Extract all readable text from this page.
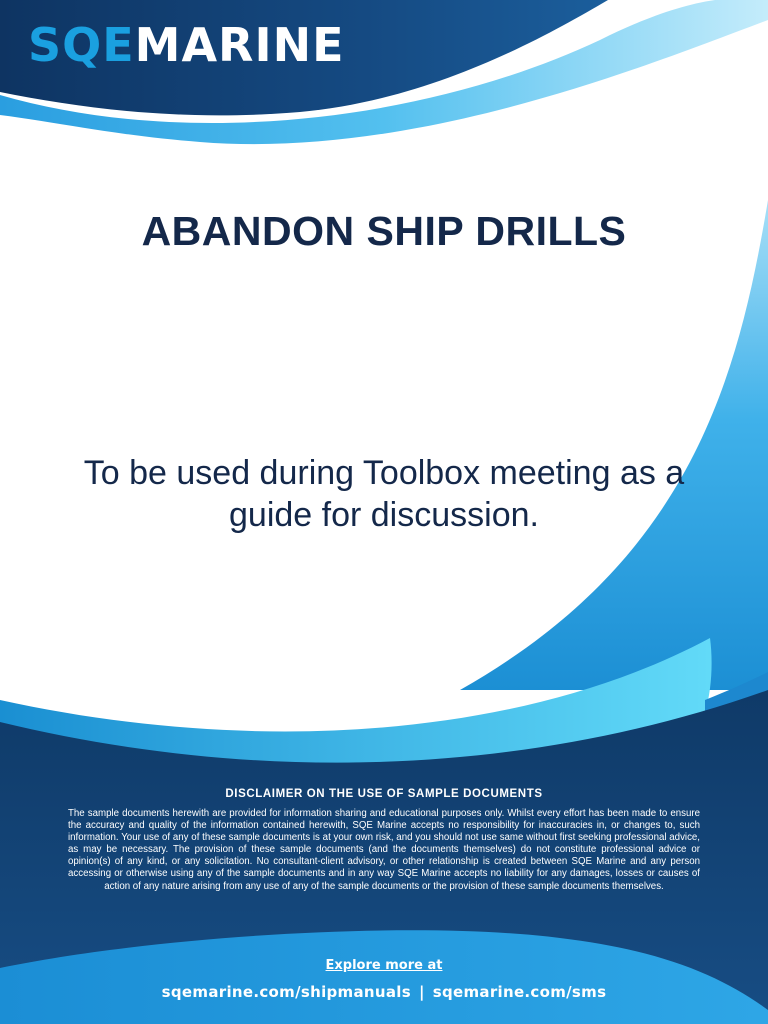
SQEMARINE
ABANDON SHIP DRILLS
To be used during Toolbox meeting as a guide for discussion.
DISCLAIMER ON THE USE OF SAMPLE DOCUMENTS
The sample documents herewith are provided for information sharing and educational purposes only. Whilst every effort has been made to ensure the accuracy and quality of the information contained herewith, SQE Marine accepts no responsibility for inaccuracies in, or changes to, such information. Your use of any of these sample documents is at your own risk, and you should not use same without first seeking professional advice, as may be necessary. The provision of these sample documents (and the documents themselves) do not constitute professional advice or opinion(s) of any kind, or any solicitation. No consultant-client advisory, or other relationship is created between SQE Marine and any person accessing or otherwise using any of the sample documents and in any way SQE Marine accepts no liability for any damages, losses or causes of action of any nature arising from any use of any of the sample documents or the provision of these sample documents themselves.
Explore more at
sqemarine.com/shipmanuals | sqemarine.com/sms
